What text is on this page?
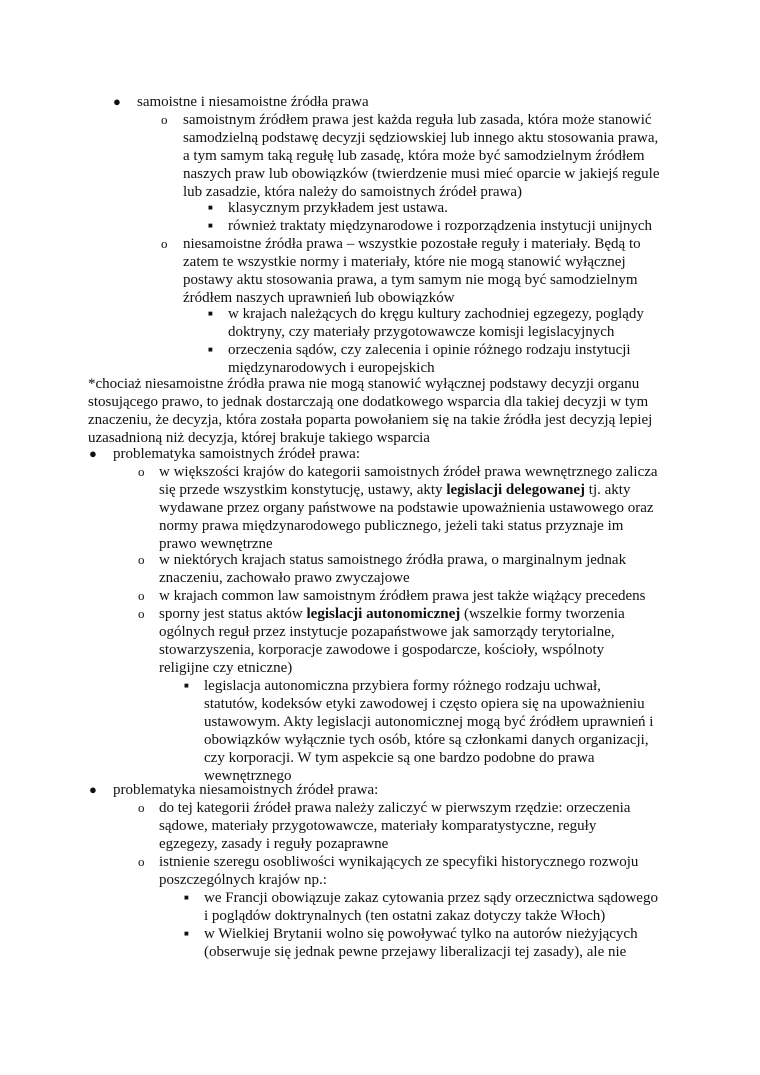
● samoistne i niesamoistne źródła prawa
o samoistnym źródłem prawa jest każda reguła lub zasada, która może stanowić
samodzielną podstawę decyzji sędziowskiej lub innego aktu stosowania prawa,
a tym samym taką regułę lub zasadę, która może być samodzielnym źródłem
naszych praw lub obowiązków (twierdzenie musi mieć oparcie w jakiejś regule
lub zasadzie, która należy do samoistnych źródeł prawa)
■ klasycznym przykładem jest ustawa.
■ również traktaty międzynarodowe i rozporządzenia instytucji unijnych
o niesamoistne źródła prawa – wszystkie pozostałe reguły i materiały. Będą to
zatem te wszystkie normy i materiały, które nie mogą stanowić wyłącznej
postawy aktu stosowania prawa, a tym samym nie mogą być samodzielnym
źródłem naszych uprawnień lub obowiązków
■ w krajach należących do kręgu kultury zachodniej egzegezy, poglądy
doktryny, czy materiały przygotowawcze komisji legislacyjnych
■ orzeczenia sądów, czy zalecenia i opinie różnego rodzaju instytucji
międzynarodowych i europejskich
*chociaż niesamoistne źródła prawa nie mogą stanowić wyłącznej podstawy decyzji organu
stosującego prawo, to jednak dostarczają one dodatkowego wsparcia dla takiej decyzji w tym
znaczeniu, że decyzja, która została poparta powołaniem się na takie źródła jest decyzją lepiej
uzasadnioną niż decyzja, której brakuje takiego wsparcia
● problematyka samoistnych źródeł prawa:
o w większości krajów do kategorii samoistnych źródeł prawa wewnętrznego zalicza
się przede wszystkim konstytucję, ustawy, akty legislacji delegowanej tj. akty
wydawane przez organy państwowe na podstawie upoważnienia ustawowego oraz
normy prawa międzynarodowego publicznego, jeżeli taki status przyznaje im
prawo wewnętrzne
o w niektórych krajach status samoistnego źródła prawa, o marginalnym jednak
znaczeniu, zachowało prawo zwyczajowe
o w krajach common law samoistnym źródłem prawa jest także wiążący precedens
o sporny jest status aktów legislacji autonomicznej (wszelkie formy tworzenia
ogólnych reguł przez instytucje pozapaństwowe jak samorządy terytorialne,
stowarzyszenia, korporacje zawodowe i gospodarcze, kościoły, wspólnoty
religijne czy etniczne)
■ legislacja autonomiczna przybiera formy różnego rodzaju uchwał,
statutów, kodeksów etyki zawodowej i często opiera się na upoważnieniu
ustawowym. Akty legislacji autonomicznej mogą być źródłem uprawnień i
obowiązków wyłącznie tych osób, które są członkami danych organizacji,
czy korporacji. W tym aspekcie są one bardzo podobne do prawa
wewnętrznego
● problematyka niesamoistnych źródeł prawa:
o do tej kategorii źródeł prawa należy zaliczyć w pierwszym rzędzie: orzeczenia
sądowe, materiały przygotowawcze, materiały komparatystyczne, reguły
egzegezy, zasady i reguły pozaprawne
o istnienie szeregu osobliwości wynikających ze specyfiki historycznego rozwoju
poszczególnych krajów np.:
■ we Francji obowiązuje zakaz cytowania przez sądy orzecznictwa sądowego
i poglądów doktrynalnych (ten ostatni zakaz dotyczy także Włoch)
■ w Wielkiej Brytanii wolno się powoływać tylko na autorów nieżyjących
(obserwuje się jednak pewne przejawy liberalizacji tej zasady), ale nie
